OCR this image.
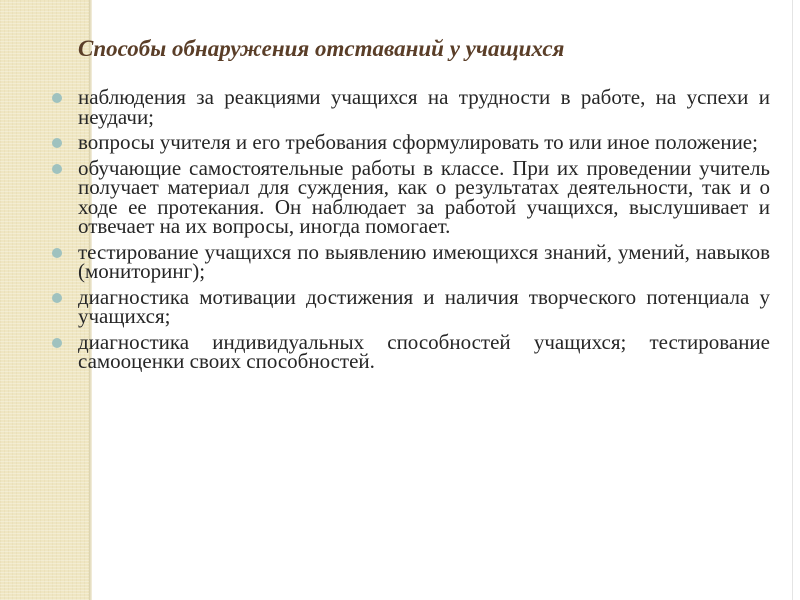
Способы обнаружения отставаний у учащихся
наблюдения за реакциями учащихся на трудности в работе, на успехи и неудачи;
вопросы учителя и его требования сформулировать то или иное положение;
обучающие самостоятельные работы в классе. При их проведении учитель получает материал для суждения, как о результатах деятельности, так и о ходе ее протекания. Он наблюдает за работой учащихся, выслушивает и отвечает на их вопросы, иногда помогает.
тестирование учащихся по выявлению имеющихся знаний, умений, навыков (мониторинг);
диагностика мотивации достижения и наличия творческого потенциала у учащихся;
диагностика индивидуальных способностей учащихся; тестирование самооценки своих способностей.
